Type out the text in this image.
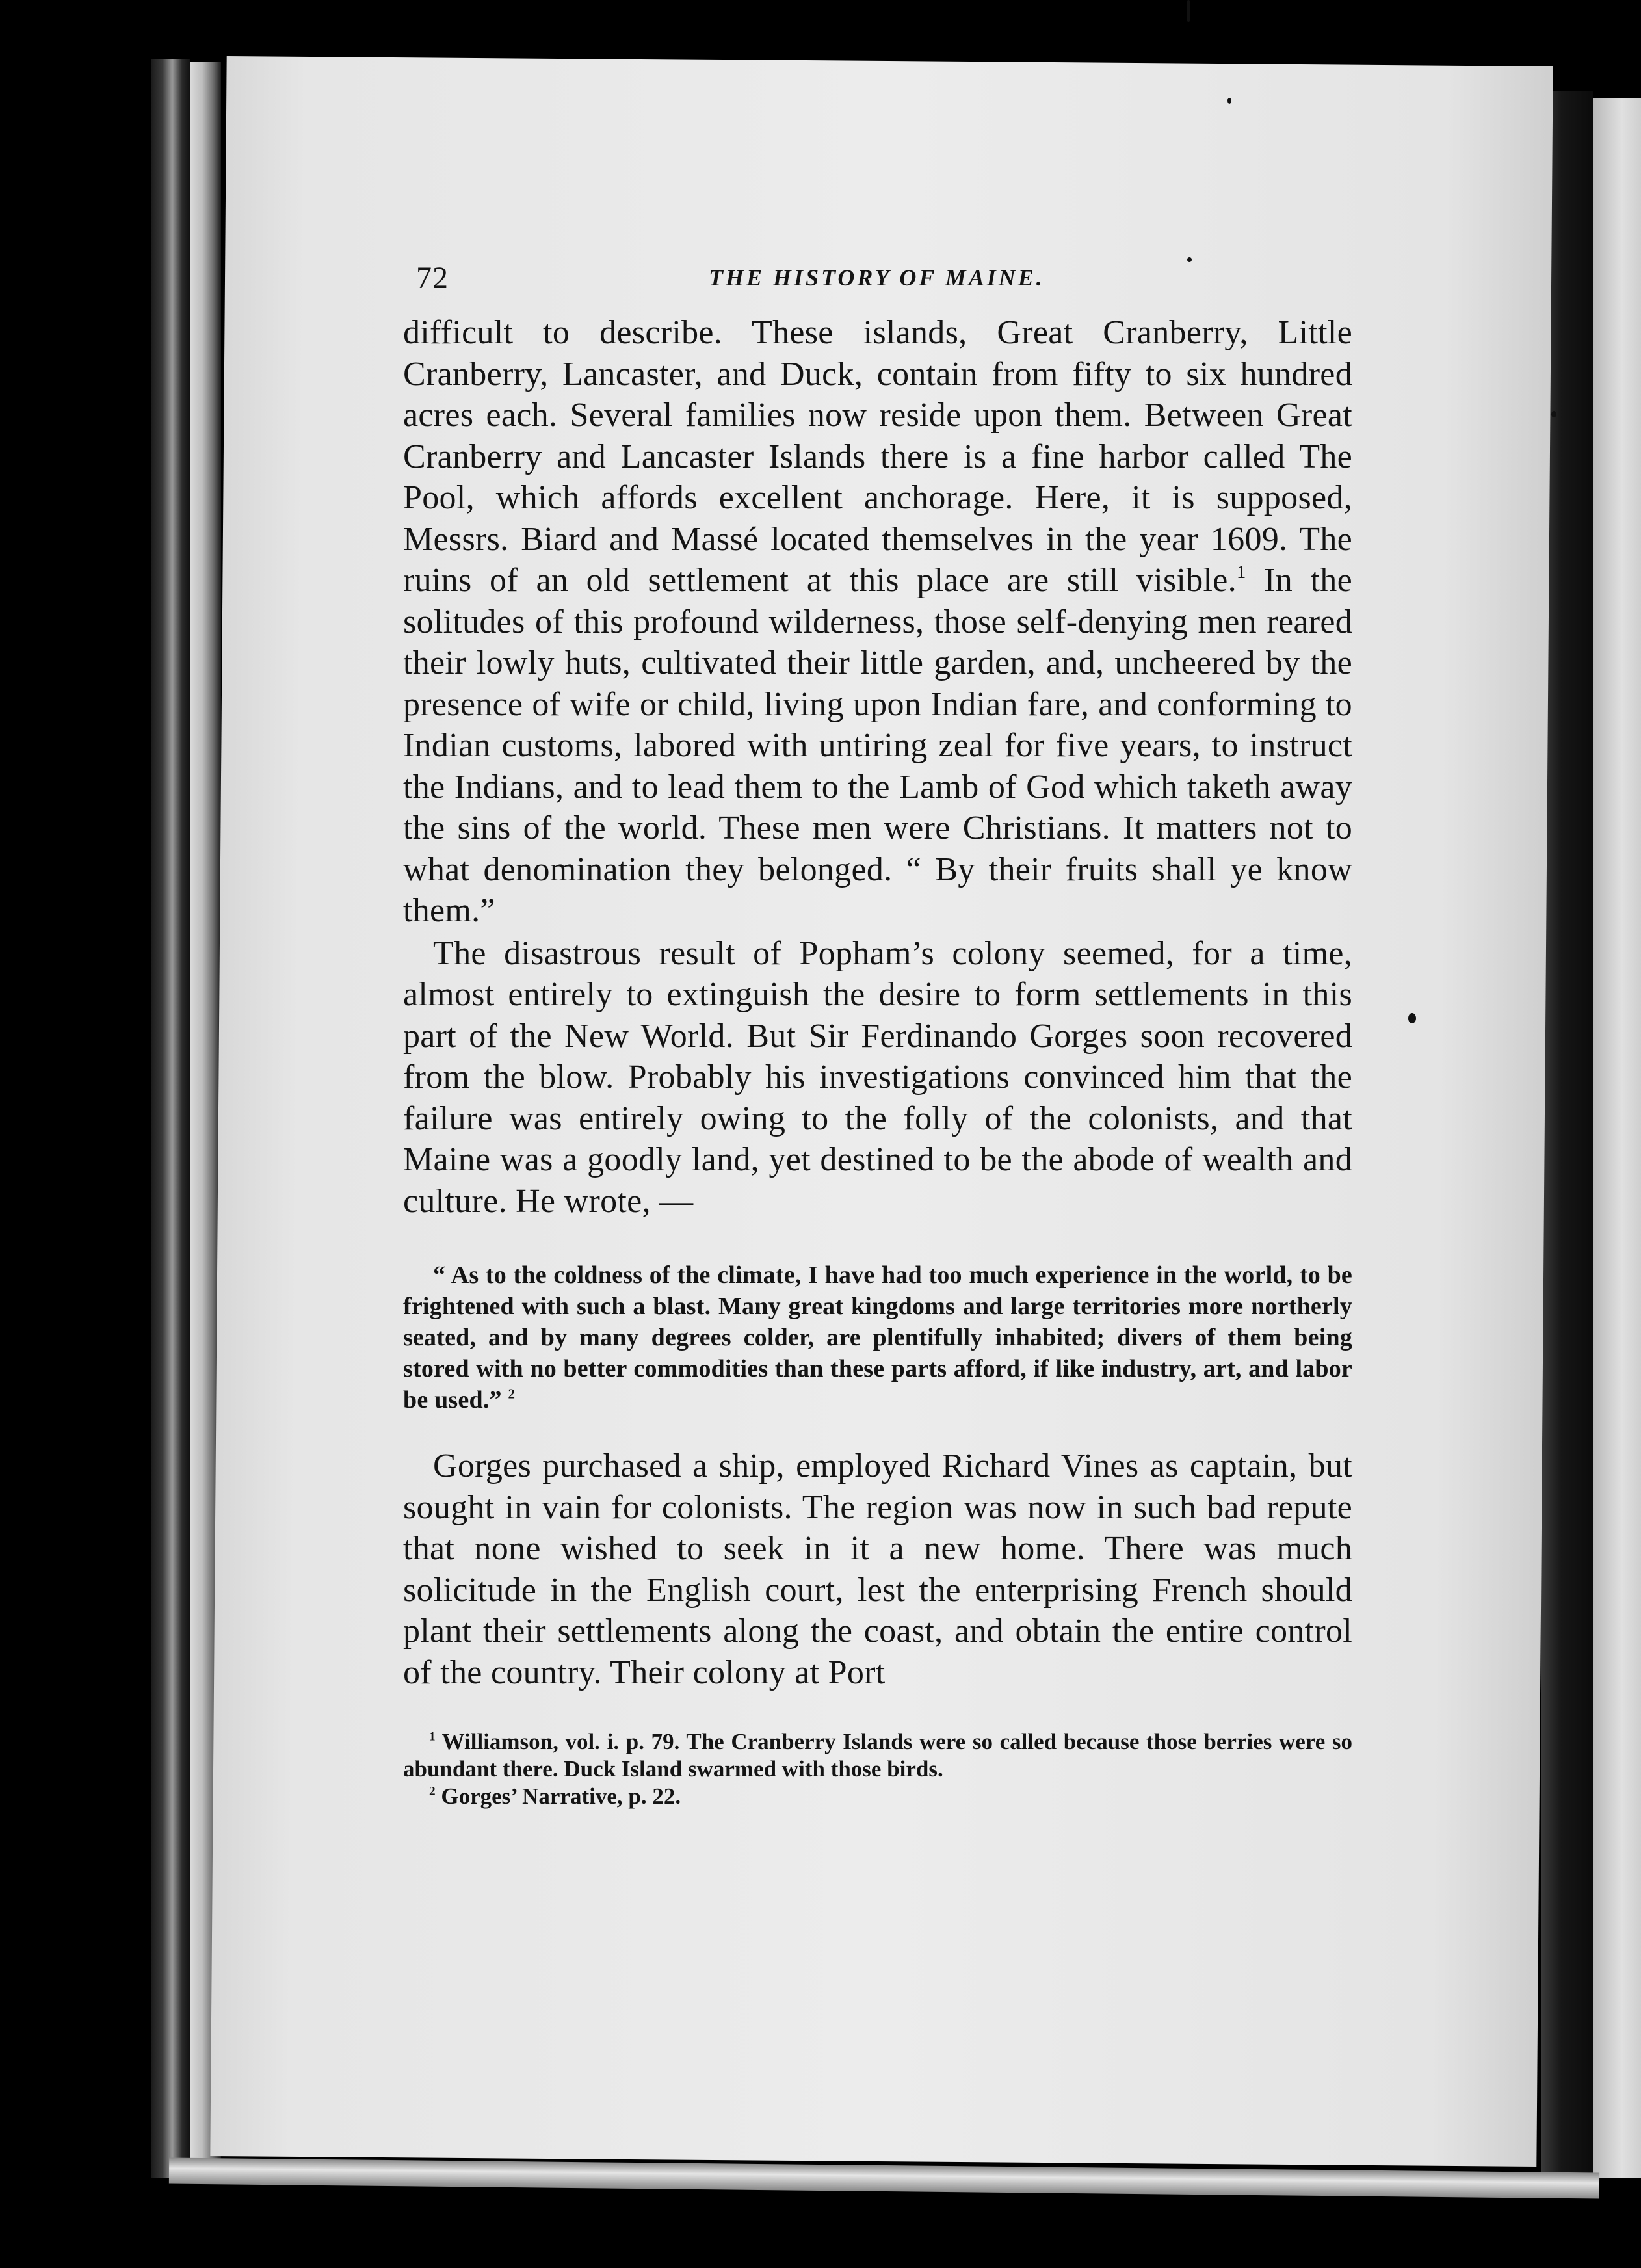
72	THE HISTORY OF MAINE.

difficult to describe. These islands, Great Cranberry, Little Cranberry, Lancaster, and Duck, contain from fifty to six hundred acres each. Several families now reside upon them. Between Great Cranberry and Lancaster Islands there is a fine harbor called The Pool, which affords excellent anchorage. Here, it is supposed, Messrs. Biard and Massé located themselves in the year 1609. The ruins of an old settlement at this place are still visible.$^1$ In the solitudes of this profound wilderness, those self-denying men reared their lowly huts, cultivated their little garden, and, uncheered by the presence of wife or child, living upon Indian fare, and conforming to Indian customs, labored with untiring zeal for five years, to instruct the Indians, and to lead them to the Lamb of God which taketh away the sins of the world. These men were Christians. It matters not to what denomination they belonged. “ By their fruits shall ye know them.”

The disastrous result of Popham’s colony seemed, for a time, almost entirely to extinguish the desire to form settlements in this part of the New World. But Sir Ferdinando Gorges soon recovered from the blow. Probably his investigations convinced him that the failure was entirely owing to the folly of the colonists, and that Maine was a goodly land, yet destined to be the abode of wealth and culture. He wrote, —

“ As to the coldness of the climate, I have had too much experience in the world, to be frightened with such a blast. Many great kingdoms and large territories more northerly seated, and by many degrees colder, are plentifully inhabited; divers of them being stored with no better commodities than these parts afford, if like industry, art, and labor be used.” $^2$

Gorges purchased a ship, employed Richard Vines as captain, but sought in vain for colonists. The region was now in such bad repute that none wished to seek in it a new home. There was much solicitude in the English court, lest the enterprising French should plant their settlements along the coast, and obtain the entire control of the country. Their colony at Port

$^1$ Williamson, vol. i. p. 79. The Cranberry Islands were so called because those berries were so abundant there. Duck Island swarmed with those birds.

$^2$ Gorges’ Narrative, p. 22.
